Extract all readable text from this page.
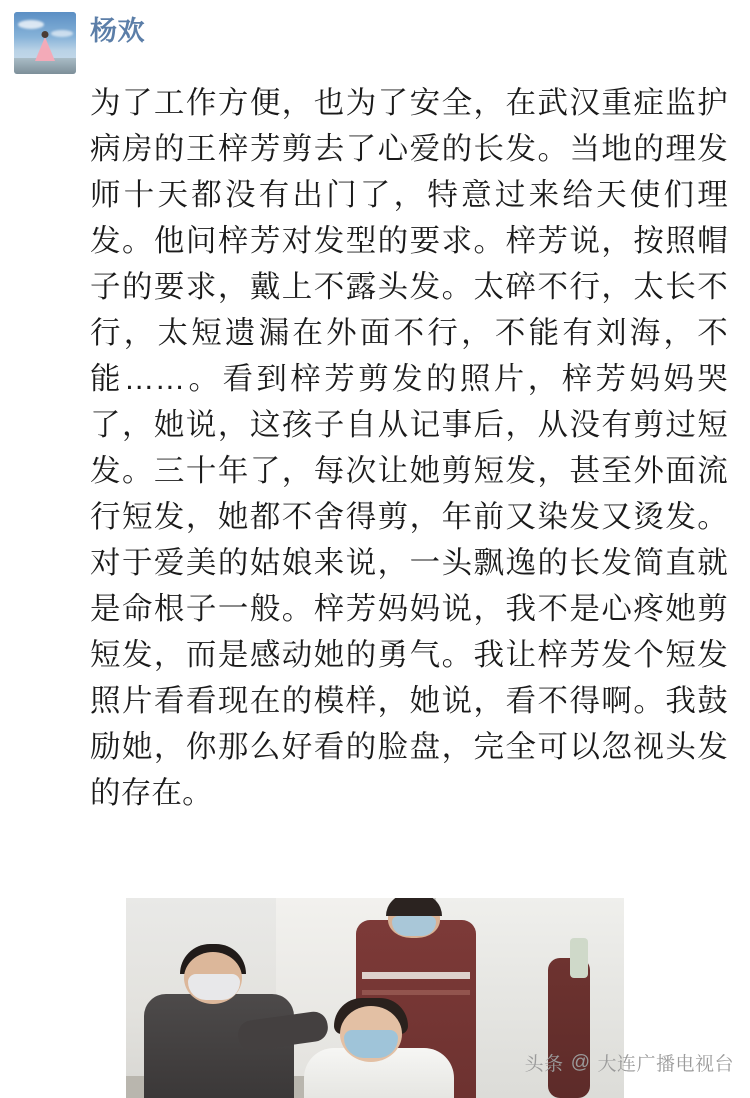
杨欢
为了工作方便，也为了安全，在武汉重症监护病房的王梓芳剪去了心爱的长发。当地的理发师十天都没有出门了，特意过来给天使们理发。他问梓芳对发型的要求。梓芳说，按照帽子的要求，戴上不露头发。太碎不行，太长不行，太短遗漏在外面不行，不能有刘海，不能……。看到梓芳剪发的照片，梓芳妈妈哭了，她说，这孩子自从记事后，从没有剪过短发。三十年了，每次让她剪短发，甚至外面流行短发，她都不舍得剪，年前又染发又烫发。对于爱美的姑娘来说，一头飘逸的长发简直就是命根子一般。梓芳妈妈说，我不是心疼她剪短发，而是感动她的勇气。我让梓芳发个短发照片看看现在的模样，她说，看不得啊。我鼓励她，你那么好看的脸盘，完全可以忽视头发的存在。
头条 @ 大连广播电视台
